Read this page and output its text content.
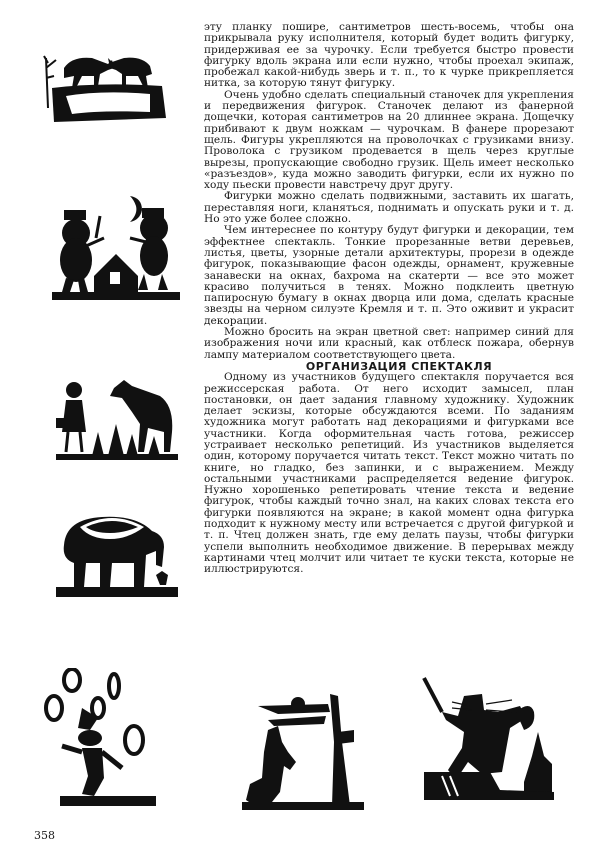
эту планку пошире, сантиметров шесть-восемь, чтобы она прикрывала руку исполнителя, который будет водить фигурку, придерживая ее за чурочку. Если требуется быстро провести фигурку вдоль экрана или если нужно, чтобы проехал экипаж, пробежал какой-нибудь зверь и т. п., то к чурке прикрепляется нитка, за которую тянут фигурку.

Очень удобно сделать специальный станочек для укрепления и передвижения фигурок. Станочек делают из фанерной дощечки, которая сантиметров на 20 длиннее экрана. Дощечку прибивают к двум ножкам — чурочкам. В фанере прорезают щель. Фигуры укрепляются на проволочках с грузиками внизу. Проволока с грузиком продевается в щель через круглые вырезы, пропускающие свободно грузик. Щель имеет несколько «разъездов», куда можно заводить фигурки, если их нужно по ходу пьески провести навстречу друг другу.

Фигурки можно сделать подвижными, заставить их шагать, переставляя ноги, кланяться, поднимать и опускать руки и т. д. Но это уже более сложно.

Чем интереснее по контуру будут фигурки и декорации, тем эффектнее спектакль. Тонкие прорезанные ветви деревьев, листья, цветы, узорные детали архитектуры, прорези в одежде фигурок, показывающие фасон одежды, орнамент, кружевные занавески на окнах, бахрома на скатерти — все это может красиво получиться в тенях. Можно подклеить цветную папиросную бумагу в окнах дворца или дома, сделать красные звезды на черном силуэте Кремля и т. п. Это оживит и украсит декорации.

Можно бросить на экран цветной свет: например синий для изображения ночи или красный, как отблеск пожара, обернув лампу материалом соответствующего цвета.

ОРГАНИЗАЦИЯ СПЕКТАКЛЯ

Одному из участников будущего спектакля поручается вся режиссерская работа. От него исходит замысел, план постановки, он дает задания главному художнику. Художник делает эскизы, которые обсуждаются всеми. По заданиям художника могут работать над декорациями и фигурками все участники. Когда оформительная часть готова, режиссер устраивает несколько репетиций. Из участников выделяется один, которому поручается читать текст. Текст можно читать по книге, но гладко, без запинки, и с выражением. Между остальными участниками распределяется ведение фигурок. Нужно хорошенько репетировать чтение текста и ведение фигурок, чтобы каждый точно знал, на каких словах текста его фигурки появляются на экране; в какой момент одна фигурка подходит к нужному месту или встречается с другой фигуркой и т. п. Чтец должен знать, где ему делать паузы, чтобы фигурки успели выполнить необходимое движение. В перерывах между картинами чтец молчит или читает те куски текста, которые не иллюстрируются.

358
